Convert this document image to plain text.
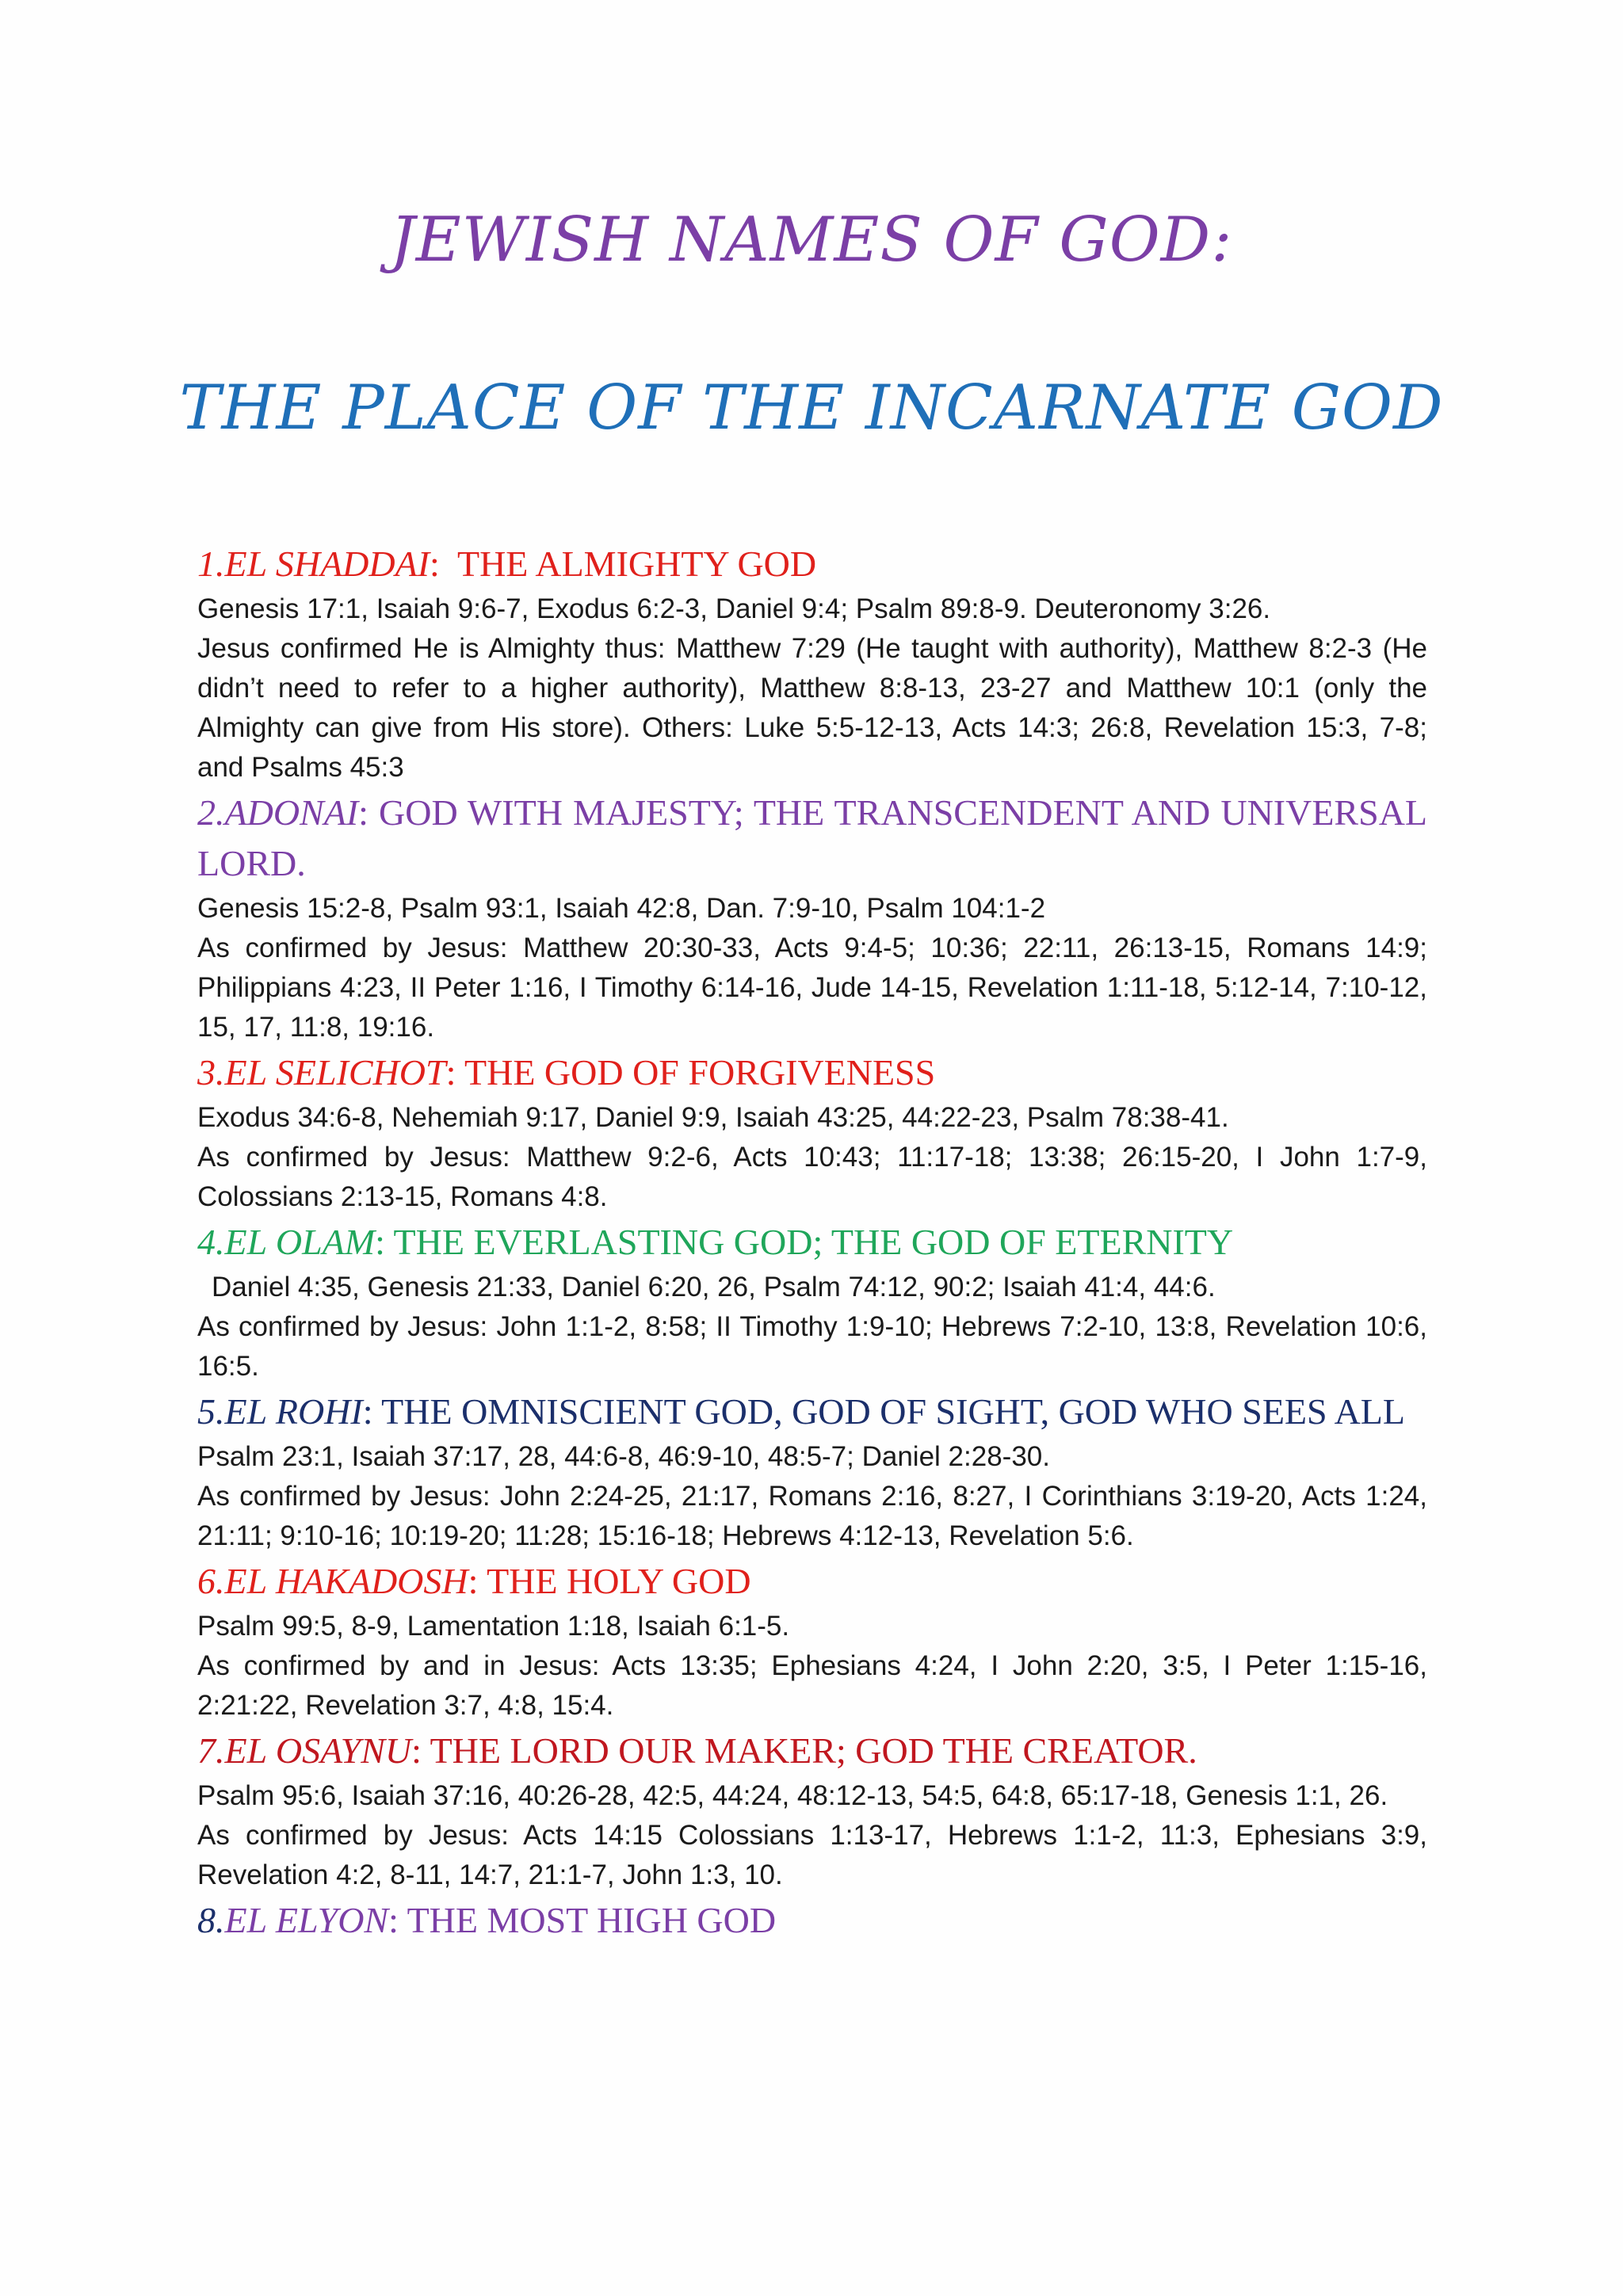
JEWISH NAMES OF GOD:
THE PLACE OF THE INCARNATE GOD

1.EL SHADDAI:  THE ALMIGHTY GOD

Genesis 17:1, Isaiah 9:6-7, Exodus 6:2-3, Daniel 9:4; Psalm 89:8-9. Deuteronomy 3:26.

Jesus confirmed He is Almighty thus: Matthew 7:29 (He taught with authority), Matthew 8:2-3 (He didn’t need to refer to a higher authority), Matthew 8:8-13, 23-27 and Matthew 10:1 (only the Almighty can give from His store). Others: Luke 5:5-12-13, Acts 14:3; 26:8, Revelation 15:3, 7-8; and Psalms 45:3

2.ADONAI: GOD WITH MAJESTY; THE TRANSCENDENT AND UNIVERSAL LORD.

Genesis 15:2-8, Psalm 93:1, Isaiah 42:8, Dan. 7:9-10, Psalm 104:1-2

As confirmed by Jesus: Matthew 20:30-33, Acts 9:4-5; 10:36; 22:11, 26:13-15, Romans 14:9; Philippians 4:23, II Peter 1:16, I Timothy 6:14-16, Jude 14-15, Revelation 1:11-18, 5:12-14, 7:10-12, 15, 17, 11:8, 19:16.

3.EL SELICHOT: THE GOD OF FORGIVENESS

Exodus 34:6-8, Nehemiah 9:17, Daniel 9:9, Isaiah 43:25, 44:22-23, Psalm 78:38-41.

As confirmed by Jesus: Matthew 9:2-6, Acts 10:43; 11:17-18; 13:38; 26:15-20, I John 1:7-9, Colossians 2:13-15, Romans 4:8.

4.EL OLAM: THE EVERLASTING GOD; THE GOD OF ETERNITY

Daniel 4:35, Genesis 21:33, Daniel 6:20, 26, Psalm 74:12, 90:2; Isaiah 41:4, 44:6.

As confirmed by Jesus: John 1:1-2, 8:58; II Timothy 1:9-10; Hebrews 7:2-10, 13:8, Revelation 10:6, 16:5.

5.EL ROHI: THE OMNISCIENT GOD, GOD OF SIGHT, GOD WHO SEES ALL

Psalm 23:1, Isaiah 37:17, 28, 44:6-8, 46:9-10, 48:5-7; Daniel 2:28-30.

As confirmed by Jesus: John 2:24-25, 21:17, Romans 2:16, 8:27, I Corinthians 3:19-20, Acts 1:24, 21:11; 9:10-16; 10:19-20; 11:28; 15:16-18; Hebrews 4:12-13, Revelation 5:6.

6.EL HAKADOSH: THE HOLY GOD

Psalm 99:5, 8-9, Lamentation 1:18, Isaiah 6:1-5.

As confirmed by and in Jesus: Acts 13:35; Ephesians 4:24, I John 2:20, 3:5, I Peter 1:15-16, 2:21:22, Revelation 3:7, 4:8, 15:4.

7.EL OSAYNU: THE LORD OUR MAKER; GOD THE CREATOR.

Psalm 95:6, Isaiah 37:16, 40:26-28, 42:5, 44:24, 48:12-13, 54:5, 64:8, 65:17-18, Genesis 1:1, 26.

As confirmed by Jesus: Acts 14:15 Colossians 1:13-17, Hebrews 1:1-2, 11:3, Ephesians 3:9, Revelation 4:2, 8-11, 14:7, 21:1-7, John 1:3, 10.

8.EL ELYON: THE MOST HIGH GOD
